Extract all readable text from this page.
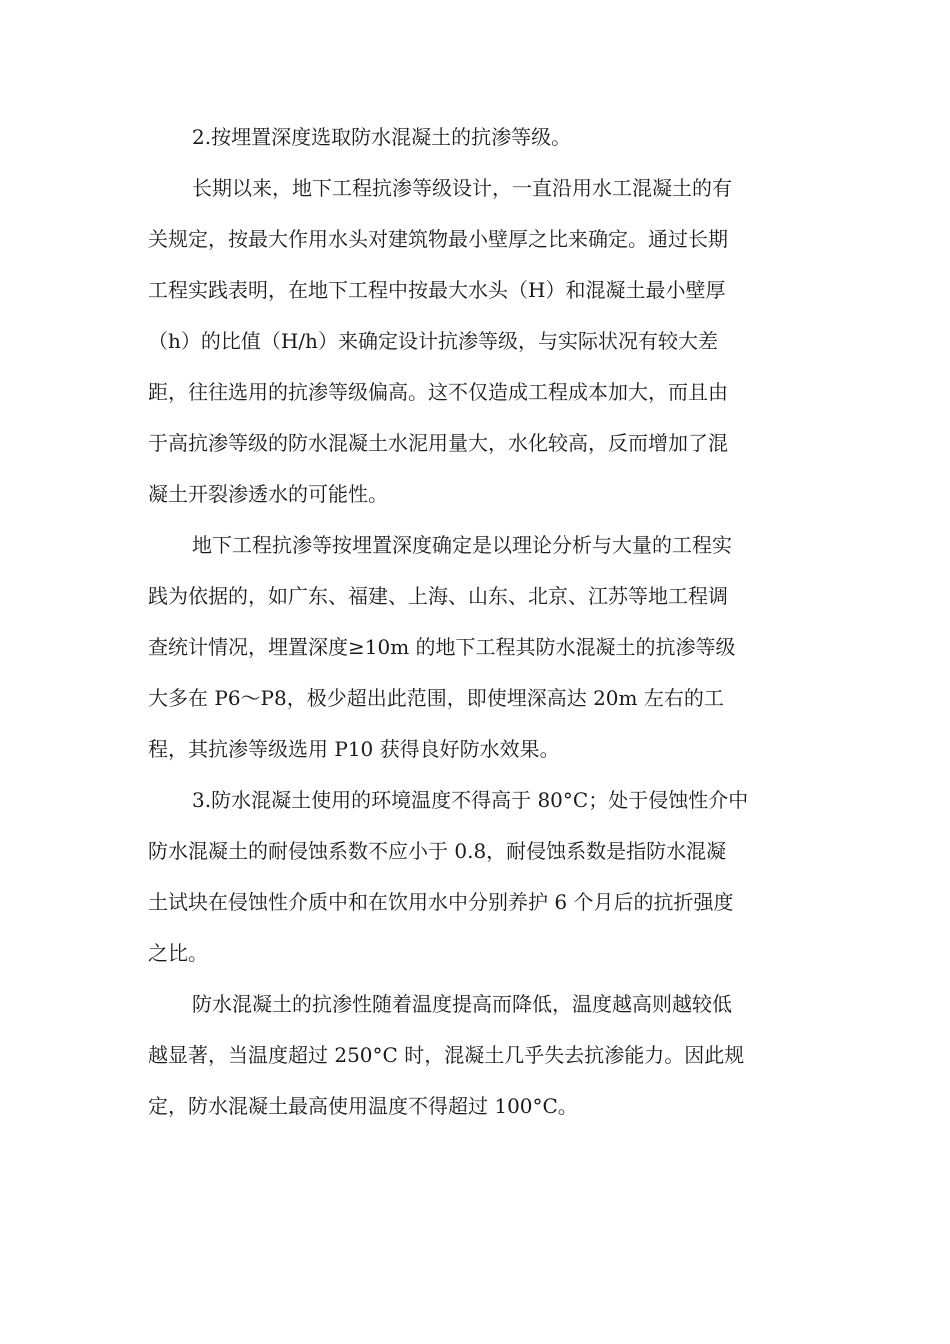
2.按埋置深度选取防水混凝土的抗渗等级。
长期以来，地下工程抗渗等级设计，一直沿用水工混凝土的有
关规定，按最大作用水头对建筑物最小壁厚之比来确定。通过长期
工程实践表明，在地下工程中按最大水头（H）和混凝土最小壁厚
（h）的比值（H/h）来确定设计抗渗等级，与实际状况有较大差
距，往往选用的抗渗等级偏高。这不仅造成工程成本加大，而且由
于高抗渗等级的防水混凝土水泥用量大，水化较高，反而增加了混
凝土开裂渗透水的可能性。
地下工程抗渗等按埋置深度确定是以理论分析与大量的工程实
践为依据的，如广东、福建、上海、山东、北京、江苏等地工程调
查统计情况，埋置深度≥10m 的地下工程其防水混凝土的抗渗等级
大多在 P6～P8，极少超出此范围，即使埋深高达 20m 左右的工
程，其抗渗等级选用 P10 获得良好防水效果。
3.防水混凝土使用的环境温度不得高于 80°C；处于侵蚀性介中
防水混凝土的耐侵蚀系数不应小于 0.8，耐侵蚀系数是指防水混凝
土试块在侵蚀性介质中和在饮用水中分别养护 6 个月后的抗折强度
之比。
防水混凝土的抗渗性随着温度提高而降低，温度越高则越较低
越显著，当温度超过 250°C 时，混凝土几乎失去抗渗能力。因此规
定，防水混凝土最高使用温度不得超过 100°C。
